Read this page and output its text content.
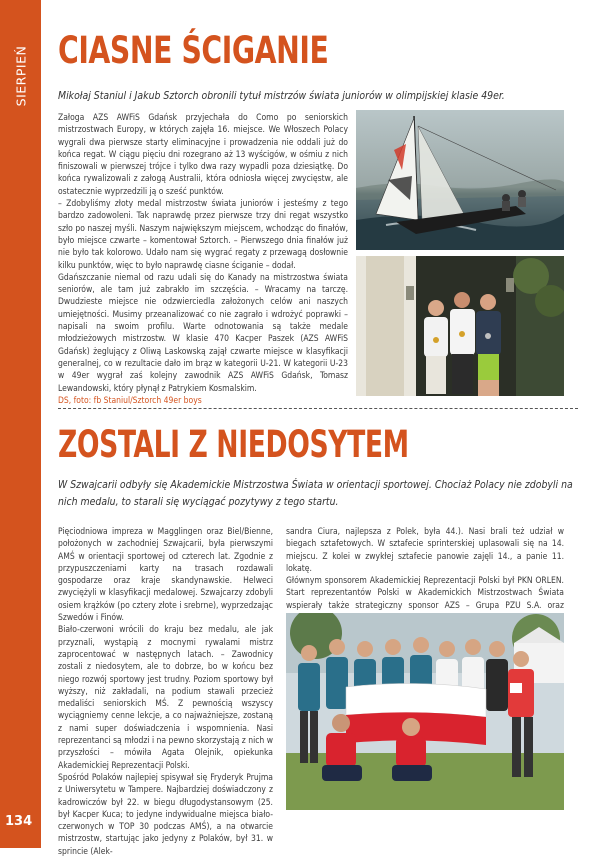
SIERPIEŃ
134
CIASNE ŚCIGANIE

Mikołaj Staniul i Jakub Sztorch obronili tytuł mistrzów świata juniorów w olimpijskiej klasie 49er.

Załoga AZS AWFiS Gdańsk przyjechała do Como po seniorskich mistrzostwach Europy, w których zajęła 16. miejsce. We Włoszech Polacy wygrali dwa pierwsze starty eliminacyjne i prowadzenia nie oddali już do końca regat. W ciągu pięciu dni rozegrano aż 13 wyścigów, w ośmiu z nich finiszowali w pierwszej trójce i tylko dwa razy wypadli poza dziesiątkę. Do końca rywalizowali z załogą Australii, która odniosła więcej zwycięstw, ale ostatecznie wyprzedzili ją o sześć punktów.

– Zdobyliśmy złoty medal mistrzostw świata juniorów i jesteśmy z tego bardzo zadowoleni. Tak naprawdę przez pierwsze trzy dni regat wszystko szło po naszej myśli. Naszym największym miejscem, wchodząc do finałów, było miejsce czwarte – komentował Sztorch. – Pierwszego dnia finałów już nie było tak kolorowo. Udało nam się wygrać regaty z przewagą dosłownie kilku punktów, więc to było naprawdę ciasne ściganie – dodał.

Gdańszczanie niemal od razu udali się do Kanady na mistrzostwa świata seniorów, ale tam już zabrakło im szczęścia. – Wracamy na tarczę. Dwudzieste miejsce nie odzwierciedla założonych celów ani naszych umiejętności. Musimy przeanalizować co nie zagrało i wdrożyć poprawki – napisali na swoim profilu. Warte odnotowania są także medale młodzieżowych mistrzostw. W klasie 470 Kacper Paszek (AZS AWFiS Gdańsk) żeglujący z Oliwą Laskowską zajął czwarte miejsce w klasyfikacji generalnej, co w rezultacie dało im brąz w kategorii U-21. W kategorii U-23 w 49er wygrał zaś kolejny zawodnik AZS AWFiS Gdańsk, Tomasz Lewandowski, który płynął z Patrykiem Kosmalskim.

DS, foto: fb Staniul/Sztorch 49er boys

ZOSTALI Z NIEDOSYTEM

W Szwajcarii odbyły się Akademickie Mistrzostwa Świata w orientacji sportowej. Chociaż Polacy nie zdobyli na nich medalu, to starali się wyciągać pozytywy z tego startu.

Pięciodniowa impreza w Magglingen oraz Biel/Bienne, położonych w zachodniej Szwajcarii, była pierwszymi AMŚ w orientacji sportowej od czterech lat. Zgodnie z przypuszczeniami karty na trasach rozdawali gospodarze oraz kraje skandynawskie. Helweci zwyciężyli w klasyfikacji medalowej. Szwajcarzy zdobyli osiem krążków (po cztery złote i srebrne), wyprzedzając Szwedów i Finów.

Biało-czerwoni wrócili do kraju bez medalu, ale jak przyznali, wystąpią z mocnymi rywalami mistrz zaprocentować w następnych latach. – Zawodnicy zostali z niedosytem, ale to dobrze, bo w końcu bez niego rozwój sportowy jest trudny. Poziom sportowy był wyższy, niż zakładali, na podium stawali przecież medaliści seniorskich MŚ. Z pewnością wszyscy wyciągniemy cenne lekcje, a co najważniejsze, zostaną z nami super doświadczenia i wspomnienia. Nasi reprezentanci są młodzi i na pewno skorzystają z nich w przyszłości – mówiła Agata Olejnik, opiekunka Akademickiej Reprezentacji Polski.

Spośród Polaków najlepiej spisywał się Fryderyk Prujma z Uniwersytetu w Tampere. Najbardziej doświadczony z kadrowiczów był 22. w biegu długodystansowym (25. był Kacper Kuca; to jedyne indywidualne miejsca biało-czerwonych w TOP 30 podczas AMŚ), a na otwarcie mistrzostw, startując jako jedyny z Polaków, był 31. w sprincie (Alek-

sandra Ciura, najlepsza z Polek, była 44.). Nasi brali też udział w biegach sztafetowych. W sztafecie sprinterskiej uplasowali się na 14. miejscu. Z kolei w zwykłej sztafecie panowie zajęli 14., a panie 11. lokatę.

Głównym sponsorem Akademickiej Reprezentacji Polski był PKN ORLEN. Start reprezentantów Polski w Akademickich Mistrzostwach Świata wspierały także strategiczny sponsor AZS – Grupa PZU S.A. oraz
